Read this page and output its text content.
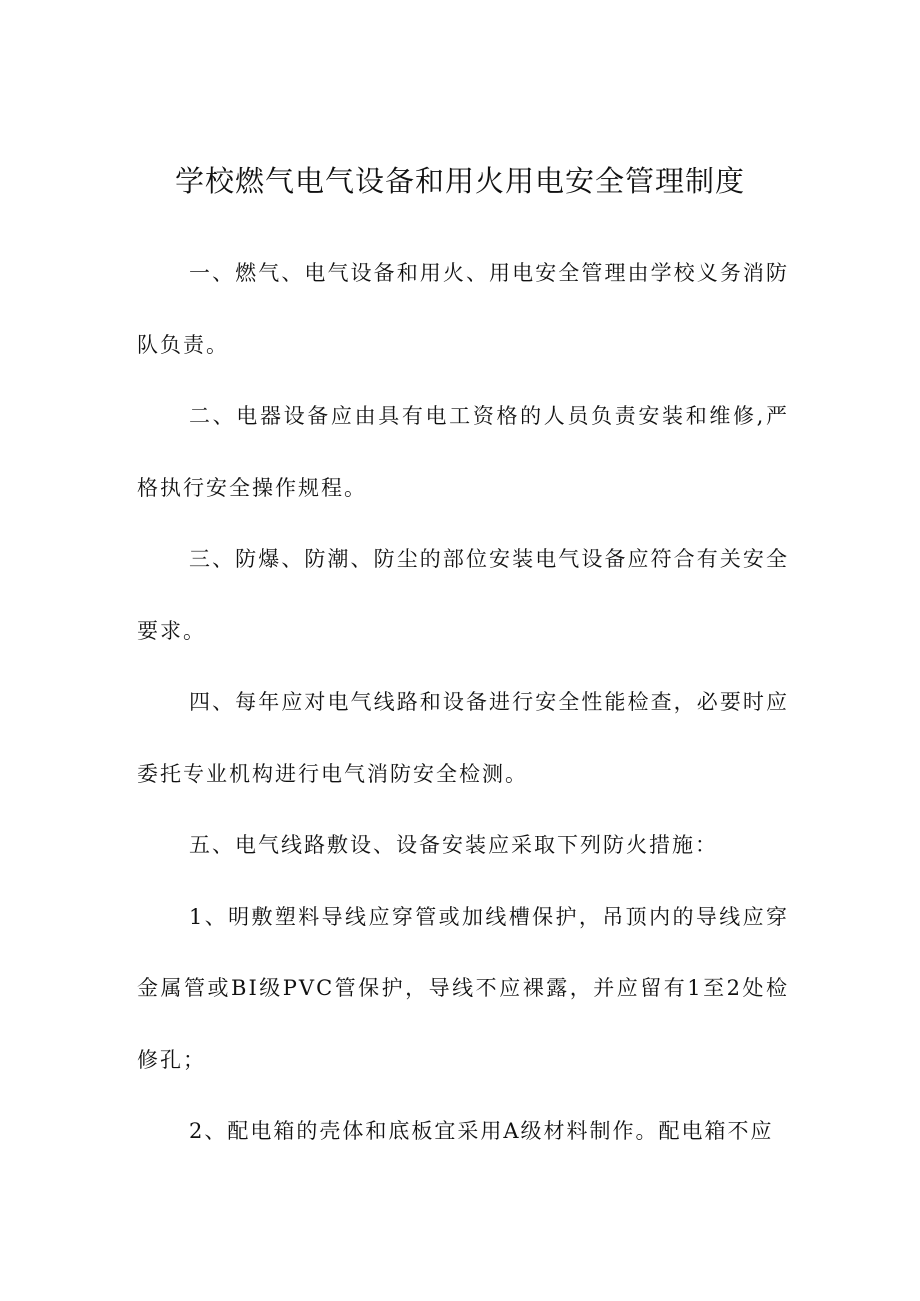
学校燃气电气设备和用火用电安全管理制度

一、燃气、电气设备和用火、用电安全管理由学校义务消防队负责。

二、电器设备应由具有电工资格的人员负责安装和维修,严格执行安全操作规程。

三、防爆、防潮、防尘的部位安装电气设备应符合有关安全要求。

四、每年应对电气线路和设备进行安全性能检查，必要时应委托专业机构进行电气消防安全检测。

五、电气线路敷设、设备安装应采取下列防火措施：

1、明敷塑料导线应穿管或加线槽保护，吊顶内的导线应穿金属管或BI级PVC管保护，导线不应裸露，并应留有1至2处检修孔；

2、配电箱的壳体和底板宜采用A级材料制作。配电箱不应
